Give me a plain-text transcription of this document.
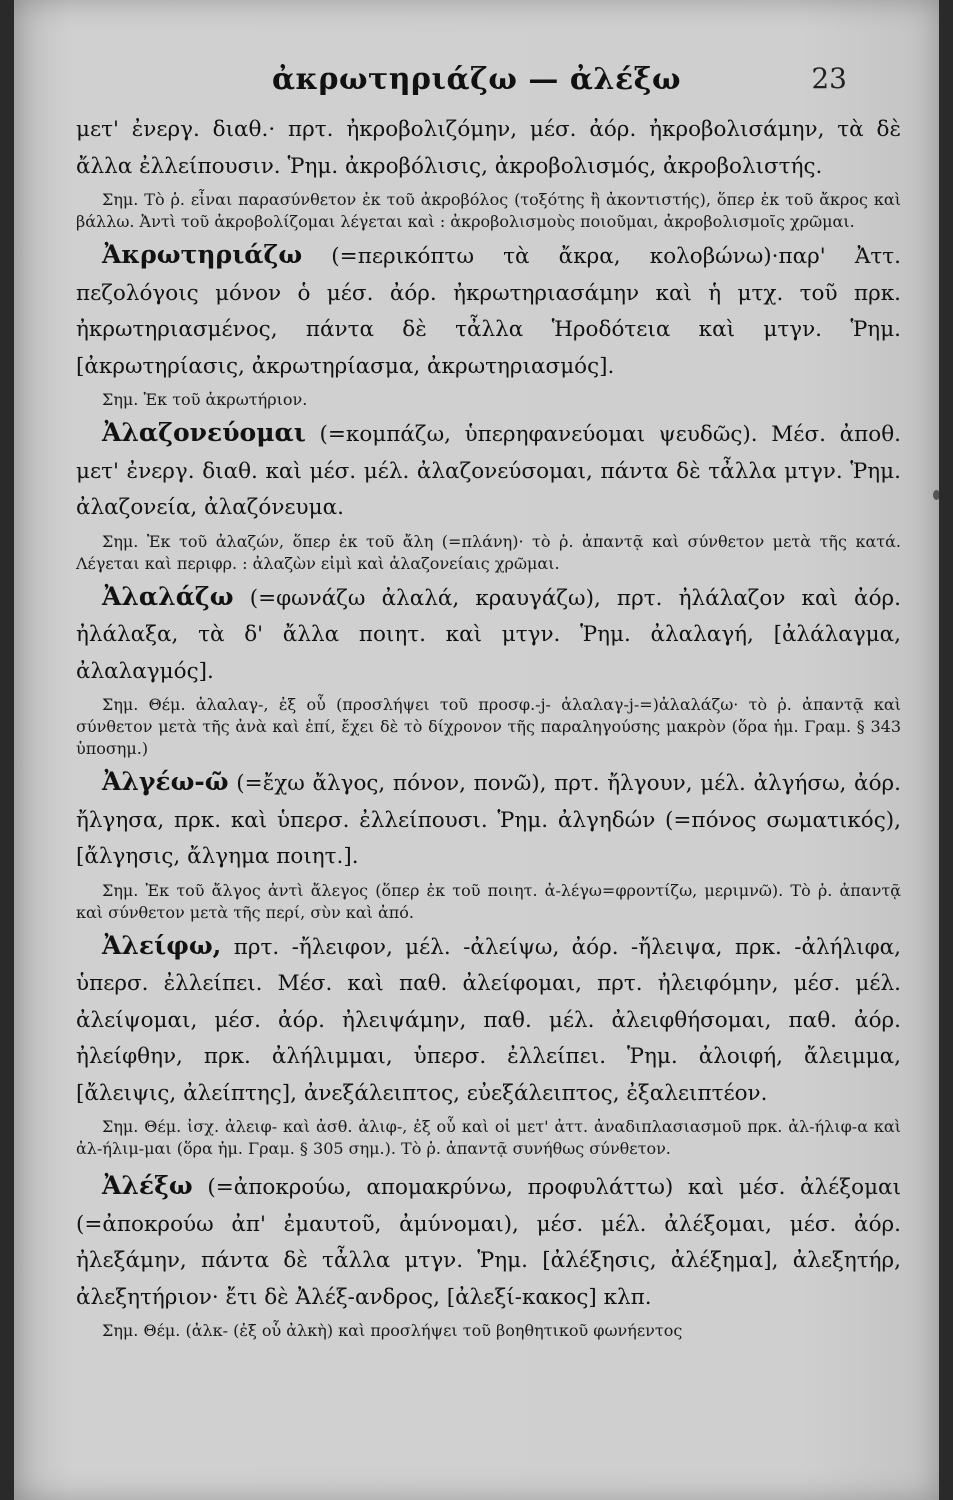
ἀκρωτηριάζω — ἀλέξω	23

μετ' ἐνεργ. διαθ.· πρτ. ἠκροβολιζόμην, μέσ. ἀόρ. ἠκροβολισάμην, τὰ δὲ ἄλλα ἐλλείπουσιν. Ῥημ. ἀκροβόλισις, ἀκροβολισμός, ἀκροβολιστής.

Σημ. Τὸ ῥ. εἶναι παρασύνθετον ἐκ τοῦ ἀκροβόλος (τοξότης ἢ ἀκοντιστής), ὅπερ ἐκ τοῦ ἄκρος καὶ βάλλω. Ἀντὶ τοῦ ἀκροβολίζομαι λέγεται καὶ : ἀκροβολισμοὺς ποιοῦμαι, ἀκροβολισμοῖς χρῶμαι.

Ἀκρωτηριάζω (=περικόπτω τὰ ἄκρα, κολοβώνω)·παρ' Ἀττ. πεζολόγοις μόνον ὁ μέσ. ἀόρ. ἠκρωτηριασάμην καὶ ἡ μτχ. τοῦ πρκ. ἠκρωτηριασμένος, πάντα δὲ τἆλλα Ἡροδότεια καὶ μτγν. Ῥημ. [ἀκρωτηρίασις, ἀκρωτηρίασμα, ἀκρωτηριασμός].

Σημ. Ἐκ τοῦ ἀκρωτήριον.

Ἀλαζονεύομαι (=κομπάζω, ὑπερηφανεύομαι ψευδῶς). Μέσ. ἀποθ. μετ' ἐνεργ. διαθ. καὶ μέσ. μέλ. ἀλαζονεύσομαι, πάντα δὲ τἆλλα μτγν. Ῥημ. ἀλαζονεία, ἀλαζόνευμα.

Σημ. Ἐκ τοῦ ἀλαζών, ὅπερ ἐκ τοῦ ἄλη (=πλάνη)· τὸ ῥ. ἀπαντᾷ καὶ σύνθετον μετὰ τῆς κατά. Λέγεται καὶ περιφρ. : ἀλαζὼν εἰμὶ καὶ ἀλαζονείαις χρῶμαι.

Ἀλαλάζω (=φωνάζω ἀλαλά, κραυγάζω), πρτ. ἠλάλαζον καὶ ἀόρ. ἠλάλαξα, τὰ δ' ἄλλα ποιητ. καὶ μτγν. Ῥημ. ἀλαλαγή, [ἀλάλαγμα, ἀλαλαγμός].

Σημ. Θέμ. ἀλαλαγ-, ἐξ οὗ (προσλήψει τοῦ προσφ.-j- ἀλαλαγ-j-=)ἀλαλάζω· τὸ ῥ. ἀπαντᾷ καὶ σύνθετον μετὰ τῆς ἀνὰ καὶ ἐπί, ἔχει δὲ τὸ δίχρονον τῆς παραληγούσης μακρὸν (ὅρα ἡμ. Γραμ. § 343 ὑποσημ.)

Ἀλγέω-ῶ (=ἔχω ἄλγος, πόνον, πονῶ), πρτ. ἤλγουν, μέλ. ἀλγήσω, ἀόρ. ἤλγησα, πρκ. καὶ ὑπερσ. ἐλλείπουσι. Ῥημ. ἀλγηδών (=πόνος σωματικός), [ἄλγησις, ἄλγημα ποιητ.].

Σημ. Ἐκ τοῦ ἄλγος ἀντὶ ἄλεγος (ὅπερ ἐκ τοῦ ποιητ. ἀ-λέγω=φροντίζω, μεριμνῶ). Τὸ ῥ. ἀπαντᾷ καὶ σύνθετον μετὰ τῆς περί, σὺν καὶ ἀπό.

Ἀλείφω, πρτ. -ἤλειφον, μέλ. -ἀλείψω, ἀόρ. -ἤλειψα, πρκ. -ἀλήλιφα, ὑπερσ. ἐλλείπει. Μέσ. καὶ παθ. ἀλείφομαι, πρτ. ἠλειφόμην, μέσ. μέλ. ἀλείψομαι, μέσ. ἀόρ. ἠλειψάμην, παθ. μέλ. ἀλειφθήσομαι, παθ. ἀόρ. ἠλείφθην, πρκ. ἀλήλιμμαι, ὑπερσ. ἐλλείπει. Ῥημ. ἀλοιφή, ἄλειμμα, [ἄλειψις, ἀλείπτης], ἀνεξάλειπτος, εὐεξάλειπτος, ἐξαλειπτέον.

Σημ. Θέμ. ἰσχ. ἀλειφ- καὶ ἀσθ. ἀλιφ-, ἐξ οὗ καὶ οἱ μετ' ἀττ. ἀναδιπλασιασμοῦ πρκ. ἀλ-ήλιφ-α καὶ ἀλ-ήλιμ-μαι (ὅρα ἡμ. Γραμ. § 305 σημ.). Τὸ ῥ. ἀπαντᾷ συνήθως σύνθετον.

Ἀλέξω (=ἀποκρούω, απομακρύνω, προφυλάττω) καὶ μέσ. ἀλέξομαι (=ἀποκρούω ἀπ' ἐμαυτοῦ, ἀμύνομαι), μέσ. μέλ. ἀλέξομαι, μέσ. ἀόρ. ἠλεξάμην, πάντα δὲ τἆλλα μτγν. Ῥημ. [ἀλέξησις, ἀλέξημα], ἀλεξητήρ, ἀλεξητήριον· ἔτι δὲ Ἀλέξ-ανδρος, [ἀλεξί-κακος] κλπ.

Σημ. Θέμ. (ἀλκ- (ἐξ οὗ ἀλκὴ) καὶ προσλήψει τοῦ βοηθητικοῦ φωνήεντος
